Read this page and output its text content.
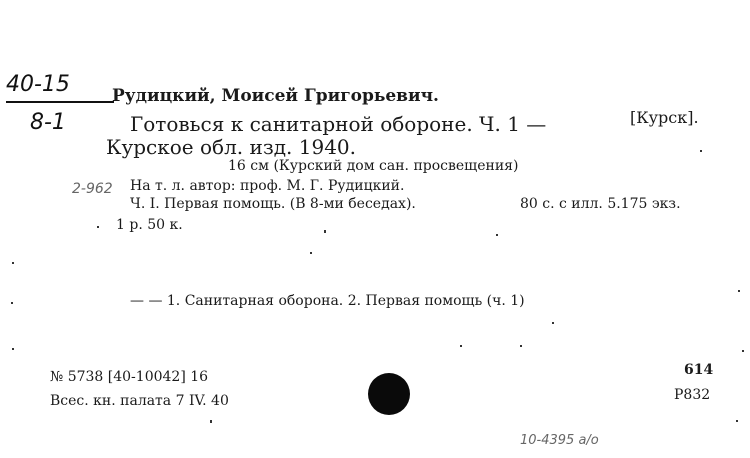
40-15
8-1
2-962
Рудицкий, Моисей Григорьевич.
Готовься к санитарной обороне. Ч. 1 —	[Курск].
Курское обл. изд. 1940.
16 см (Курский дом сан. просвещения)
На т. л. автор: проф. М. Г. Рудицкий.
Ч. I. Первая помощь. (В 8-ми беседах).	80 с. с илл. 5.175 экз.
1 р. 50 к.
— — 1. Санитарная оборона. 2. Первая помощь (ч. 1)
№ 5738 [40-10042] 16
Всес. кн. палата 7 IV. 40
614
Р832
10-4395 а/о
